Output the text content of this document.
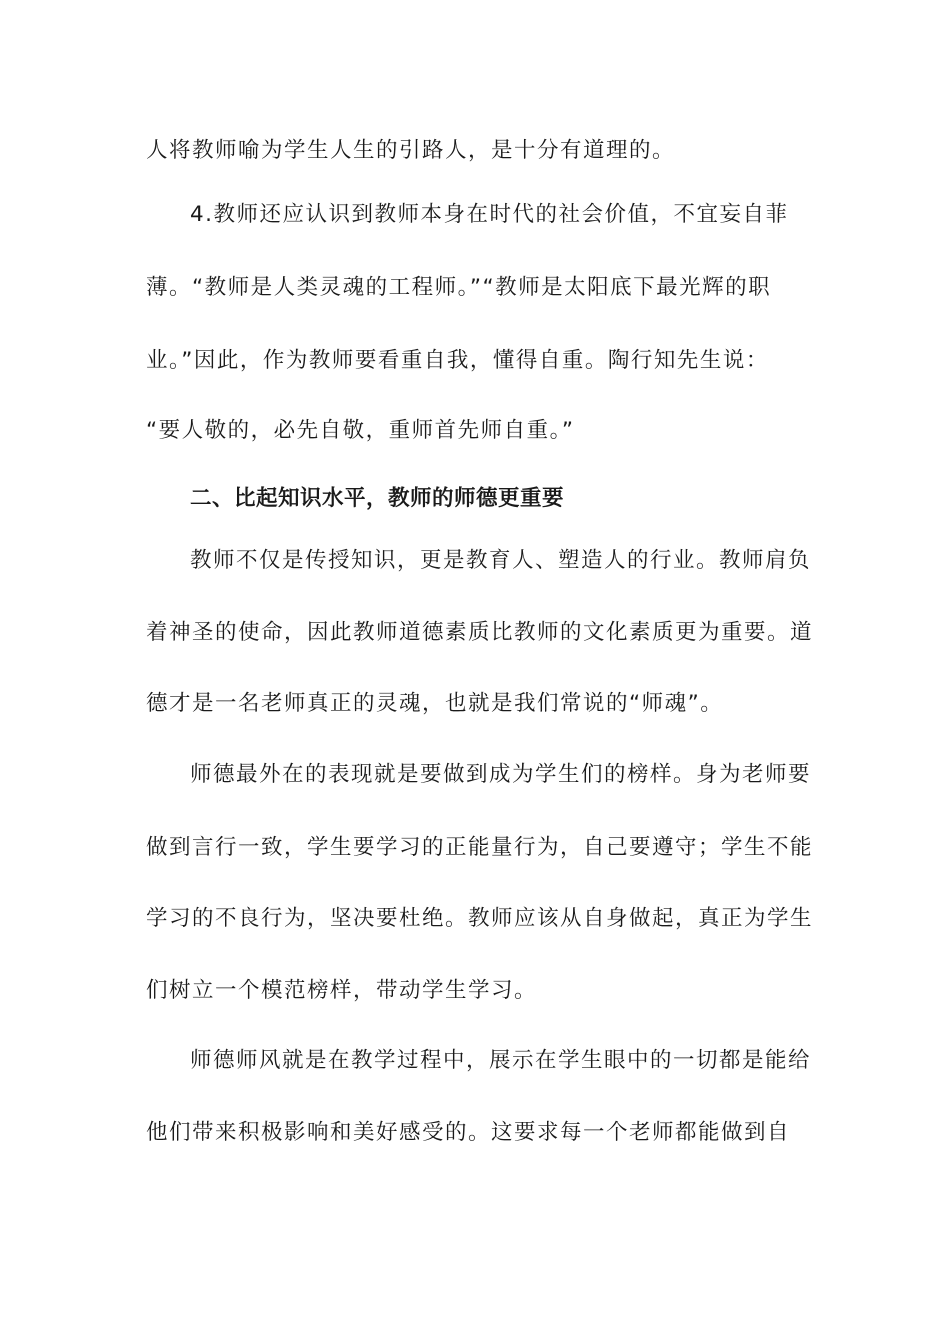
人将教师喻为学生人生的引路人，是十分有道理的。
4.教师还应认识到教师本身在时代的社会价值，不宜妄自菲
薄。“教师是人类灵魂的工程师。”“教师是太阳底下最光辉的职
业。”因此，作为教师要看重自我，懂得自重。陶行知先生说：
“要人敬的，必先自敬，重师首先师自重。”
二、比起知识水平，教师的师德更重要
教师不仅是传授知识，更是教育人、塑造人的行业。教师肩负
着神圣的使命，因此教师道德素质比教师的文化素质更为重要。道
德才是一名老师真正的灵魂，也就是我们常说的“师魂”。
师德最外在的表现就是要做到成为学生们的榜样。身为老师要
做到言行一致，学生要学习的正能量行为，自己要遵守；学生不能
学习的不良行为，坚决要杜绝。教师应该从自身做起，真正为学生
们树立一个模范榜样，带动学生学习。
师德师风就是在教学过程中，展示在学生眼中的一切都是能给
他们带来积极影响和美好感受的。这要求每一个老师都能做到自
